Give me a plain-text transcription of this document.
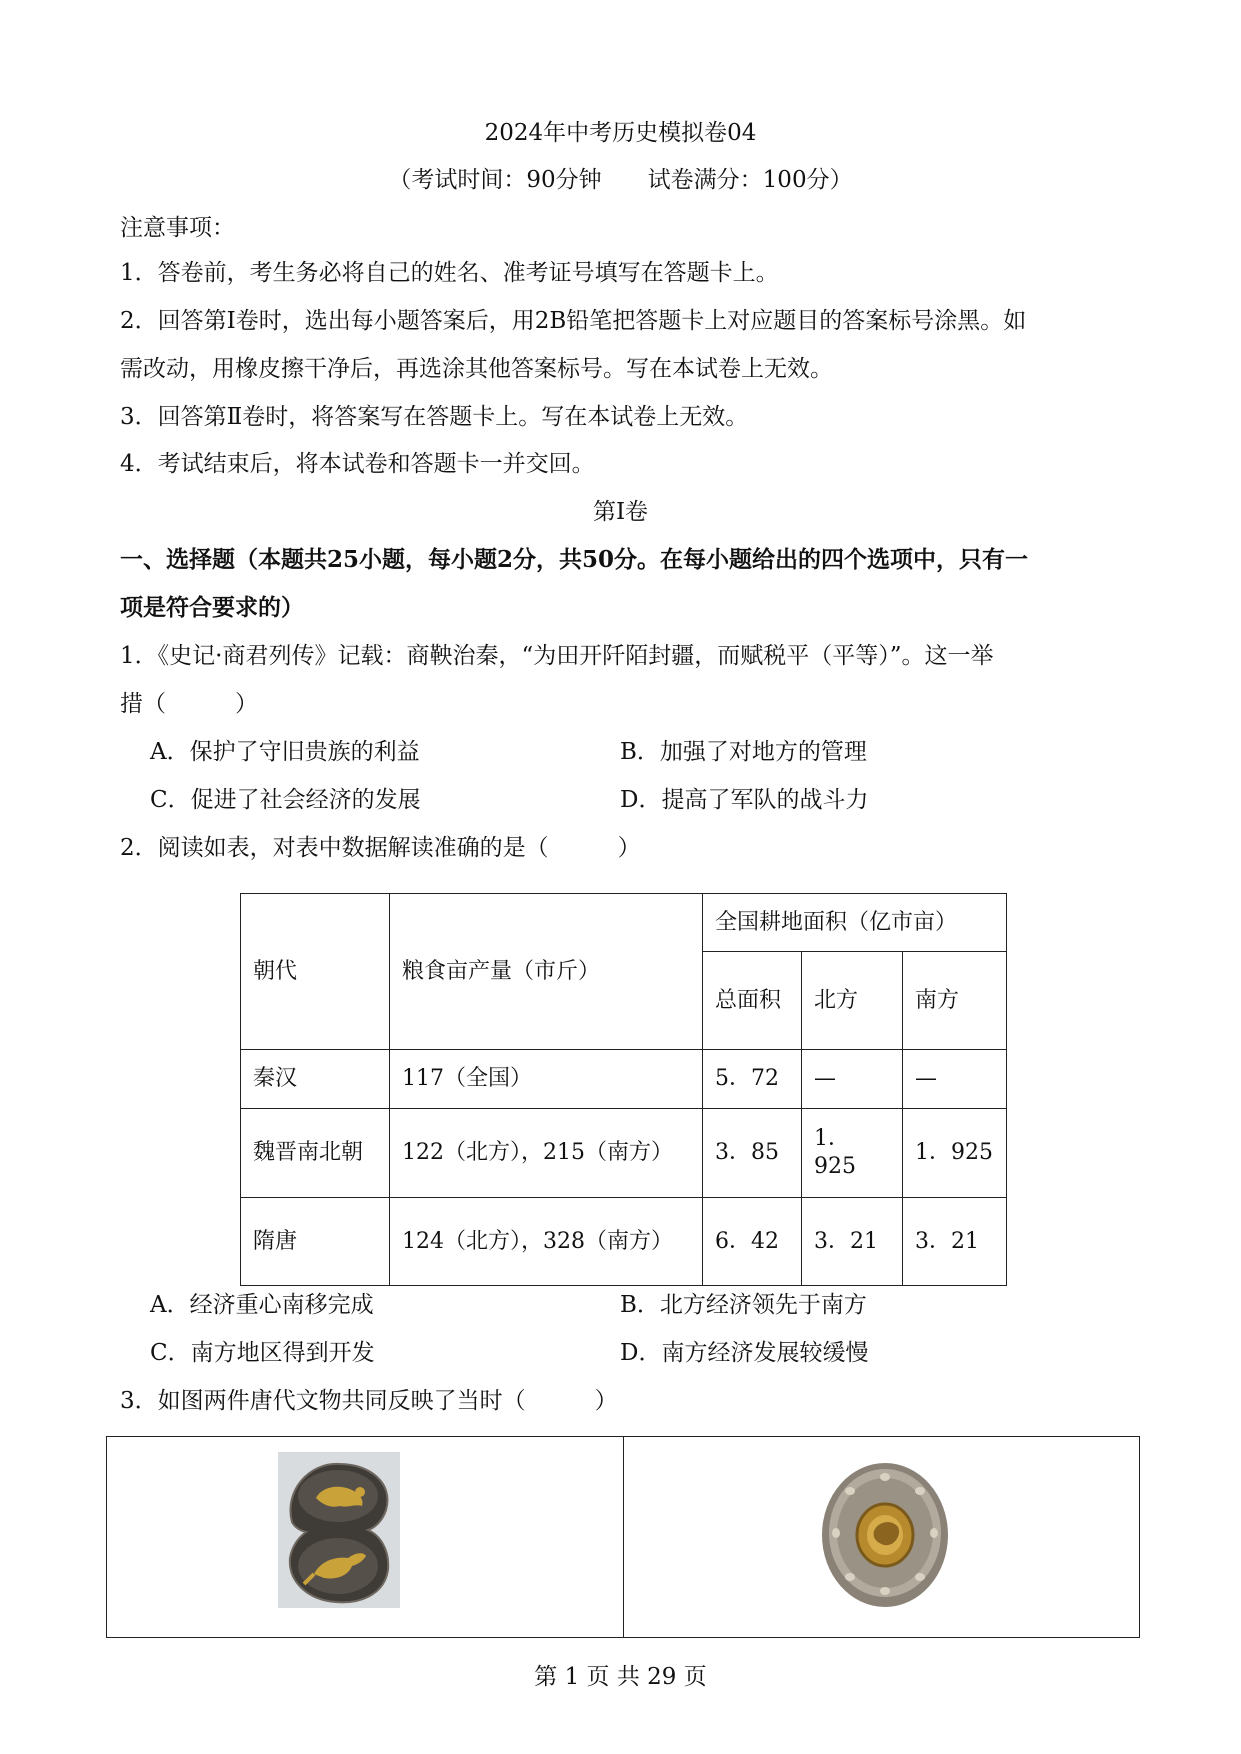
2024年中考历史模拟卷04
（考试时间：90分钟　　试卷满分：100分）
注意事项：
1．答卷前，考生务必将自己的姓名、准考证号填写在答题卡上。
2．回答第Ⅰ卷时，选出每小题答案后，用2B铅笔把答题卡上对应题目的答案标号涂黑。如
需改动，用橡皮擦干净后，再选涂其他答案标号。写在本试卷上无效。
3．回答第Ⅱ卷时，将答案写在答题卡上。写在本试卷上无效。
4．考试结束后，将本试卷和答题卡一并交回。
第Ⅰ卷
一、选择题（本题共25小题，每小题2分，共50分。在每小题给出的四个选项中，只有一
项是符合要求的）
1．《史记·商君列传》记载：商鞅治秦，“为田开阡陌封疆，而赋税平（平等）”。这一举
措（　　　）
A．保护了守旧贵族的利益	B．加强了对地方的管理
C．促进了社会经济的发展	D．提高了军队的战斗力
2．阅读如表，对表中数据解读准确的是（　　　）
朝代	粮食亩产量（市斤）	全国耕地面积（亿市亩）		
		总面积	北方	南方
秦汉	117（全国）	5．72	—	—
魏晋南北朝	122（北方），215（南方）	3．85	1．925	1．925
隋唐	124（北方），328（南方）	6．42	3．21	3．21
A．经济重心南移完成	B．北方经济领先于南方
C．南方地区得到开发	D．南方经济发展较缓慢
3．如图两件唐代文物共同反映了当时（　　　）
第 1 页 共 29 页
